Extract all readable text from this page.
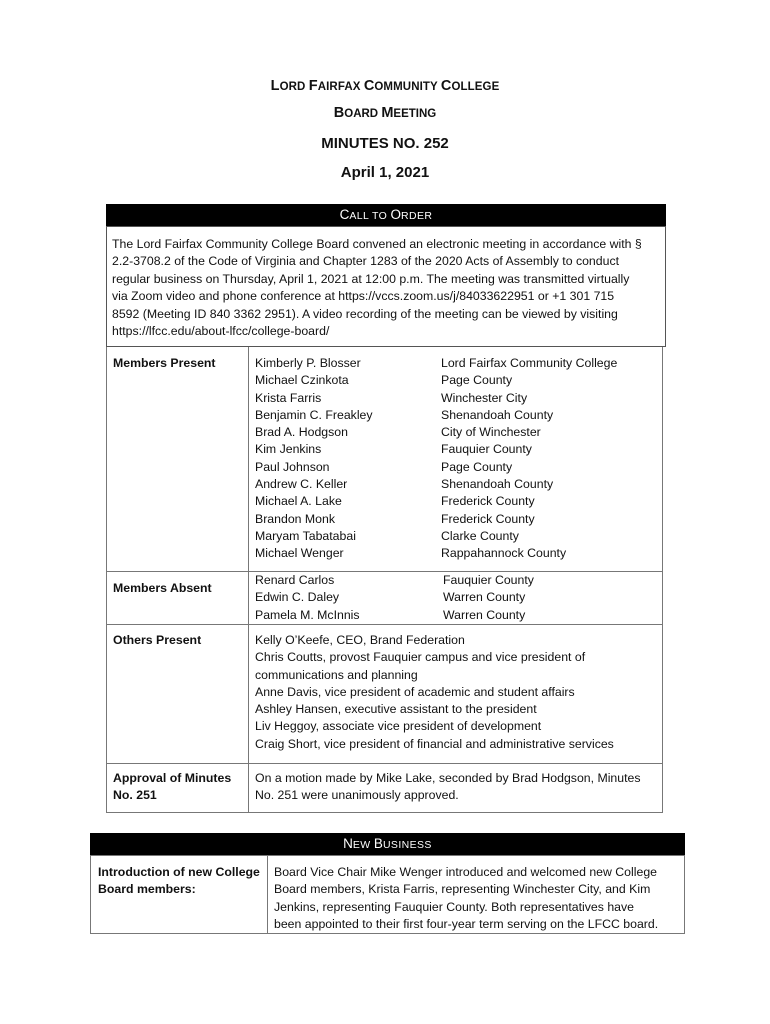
LORD FAIRFAX COMMUNITY COLLEGE
BOARD MEETING
MINUTES NO. 252
April 1, 2021
CALL TO ORDER
The Lord Fairfax Community College Board convened an electronic meeting in accordance with §
2.2-3708.2 of the Code of Virginia and Chapter 1283 of the 2020 Acts of Assembly to conduct
regular business on Thursday, April 1, 2021 at 12:00 p.m. The meeting was transmitted virtually
via Zoom video and phone conference at https://vccs.zoom.us/j/84033622951 or +1 301 715
8592 (Meeting ID 840 3362 2951). A video recording of the meeting can be viewed by visiting
https://lfcc.edu/about-lfcc/college-board/
Members Present	Kimberly P. Blosser
Michael Czinkota
Krista Farris
Benjamin C. Freakley
Brad A. Hodgson
Kim Jenkins
Paul Johnson
Andrew C. Keller
Michael A. Lake
Brandon Monk
Maryam Tabatabai
Michael Wenger
Lord Fairfax Community College
Page County
Winchester City
Shenandoah County
City of Winchester
Fauquier County
Page County
Shenandoah County
Frederick County
Frederick County
Clarke County
Rappahannock County
Members Absent
Renard Carlos
Edwin C. Daley
Pamela M. McInnis
Fauquier County
Warren County
Warren County
Others Present	Kelly O’Keefe, CEO, Brand Federation
Chris Coutts, provost Fauquier campus and vice president of
communications and planning
Anne Davis, vice president of academic and student affairs
Ashley Hansen, executive assistant to the president
Liv Heggoy, associate vice president of development
Craig Short, vice president of financial and administrative services
Approval of Minutes
No. 251
On a motion made by Mike Lake, seconded by Brad Hodgson, Minutes
No. 251 were unanimously approved.
NEW BUSINESS
Introduction of new College
Board members:
Board Vice Chair Mike Wenger introduced and welcomed new College
Board members, Krista Farris, representing Winchester City, and Kim
Jenkins, representing Fauquier County. Both representatives have
been appointed to their first four-year term serving on the LFCC board.
